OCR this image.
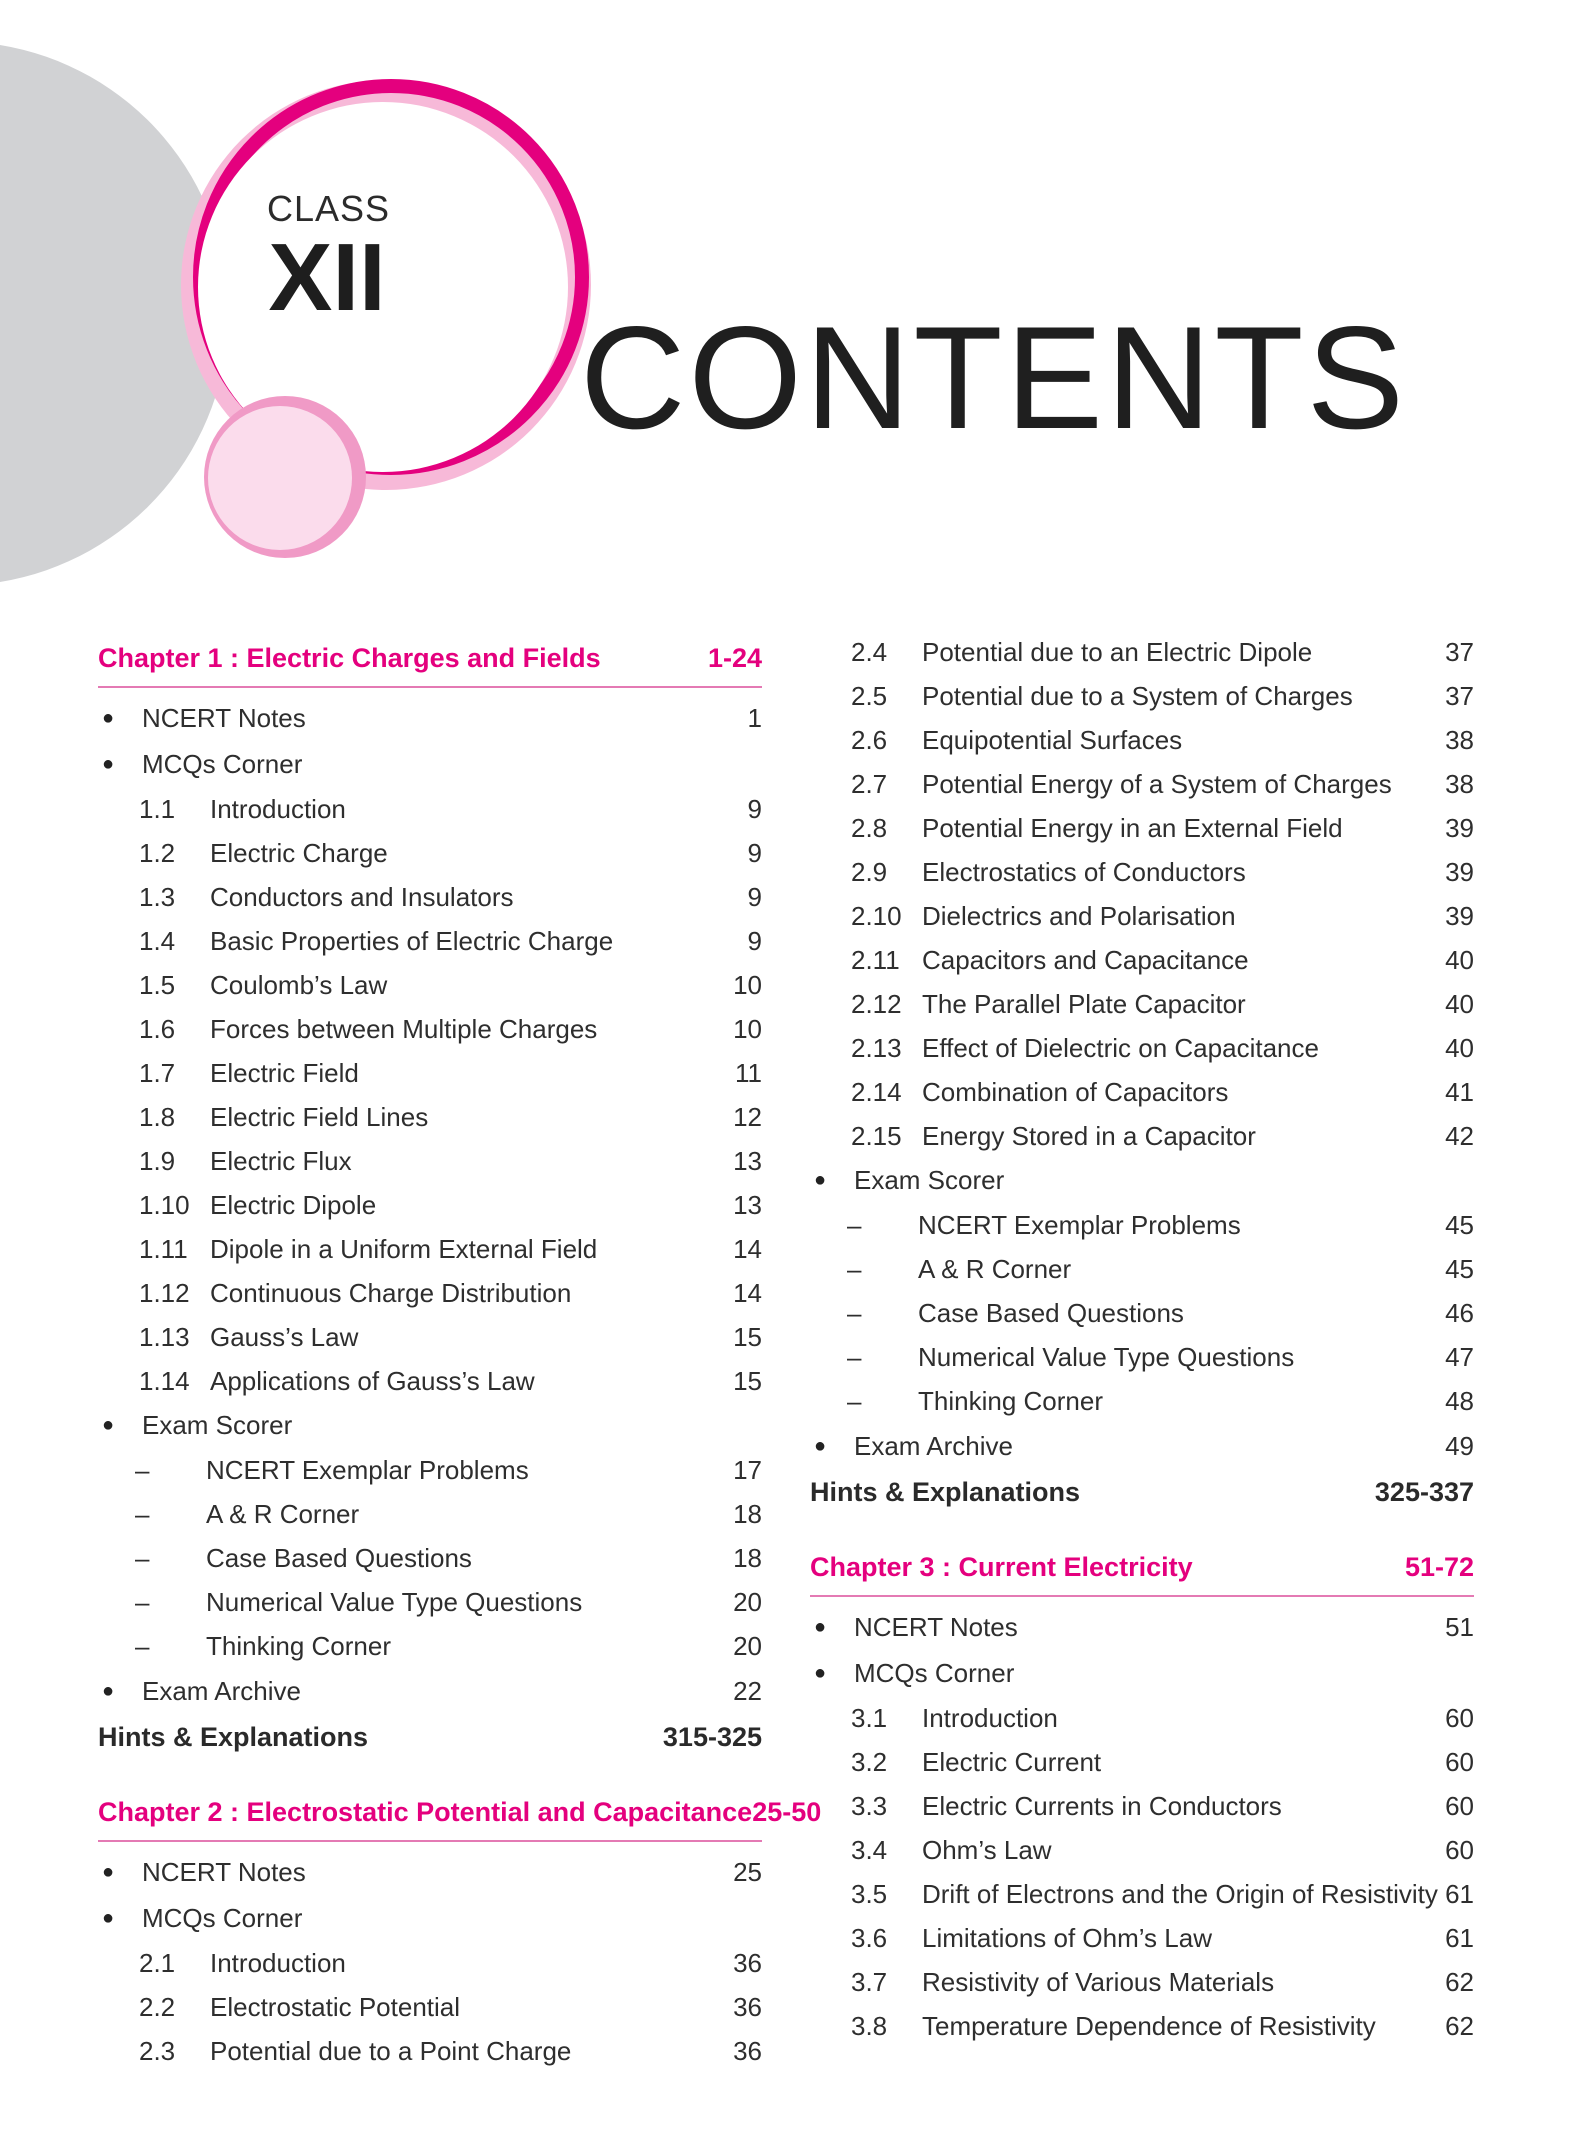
CLASS
XII
CONTENTS
Chapter 1 : Electric Charges and Fields	1-24
●	NCERT Notes	1
●	MCQs Corner
1.1	Introduction	9
1.2	Electric Charge	9
1.3	Conductors and Insulators	9
1.4	Basic Properties of Electric Charge	9
1.5	Coulomb’s Law	10
1.6	Forces between Multiple Charges	10
1.7	Electric Field	11
1.8	Electric Field Lines	12
1.9	Electric Flux	13
1.10 Electric Dipole	13
1.11 Dipole in a Uniform External Field	14
1.12 Continuous Charge Distribution	14
1.13 Gauss’s Law	15
1.14 Applications of Gauss’s Law	15
●	Exam Scorer
–	NCERT Exemplar Problems	17
–	A & R Corner	18
–	Case Based Questions	18
–	Numerical Value Type Questions	20
–	Thinking Corner	20
●	Exam Archive	22
Hints & Explanations	315-325
Chapter 2 : Electrostatic Potential and Capacitance 25-50
●	NCERT Notes	25
●	MCQs Corner
2.1	Introduction	36
2.2	Electrostatic Potential	36
2.3	Potential due to a Point Charge	36
2.4	Potential due to an Electric Dipole	37
2.5	Potential due to a System of Charges	37
2.6	Equipotential Surfaces	38
2.7	Potential Energy of a System of Charges 38
2.8	Potential Energy in an External Field	39
2.9	Electrostatics of Conductors	39
2.10 Dielectrics and Polarisation	39
2.11 Capacitors and Capacitance	40
2.12 The Parallel Plate Capacitor	40
2.13 Effect of Dielectric on Capacitance	40
2.14 Combination of Capacitors	41
2.15 Energy Stored in a Capacitor	42
●	Exam Scorer
–	NCERT Exemplar Problems	45
–	A & R Corner	45
–	Case Based Questions	46
–	Numerical Value Type Questions	47
–	Thinking Corner	48
●	Exam Archive	49
Hints & Explanations	325-337
Chapter 3 : Current Electricity	51-72
●	NCERT Notes	51
●	MCQs Corner
3.1	Introduction	60
3.2	Electric Current	60
3.3	Electric Currents in Conductors	60
3.4	Ohm’s Law	60
3.5	Drift of Electrons and the Origin of Resistivity 61
3.6	Limitations of Ohm’s Law	61
3.7	Resistivity of Various Materials	62
3.8	Temperature Dependence of Resistivity	62
